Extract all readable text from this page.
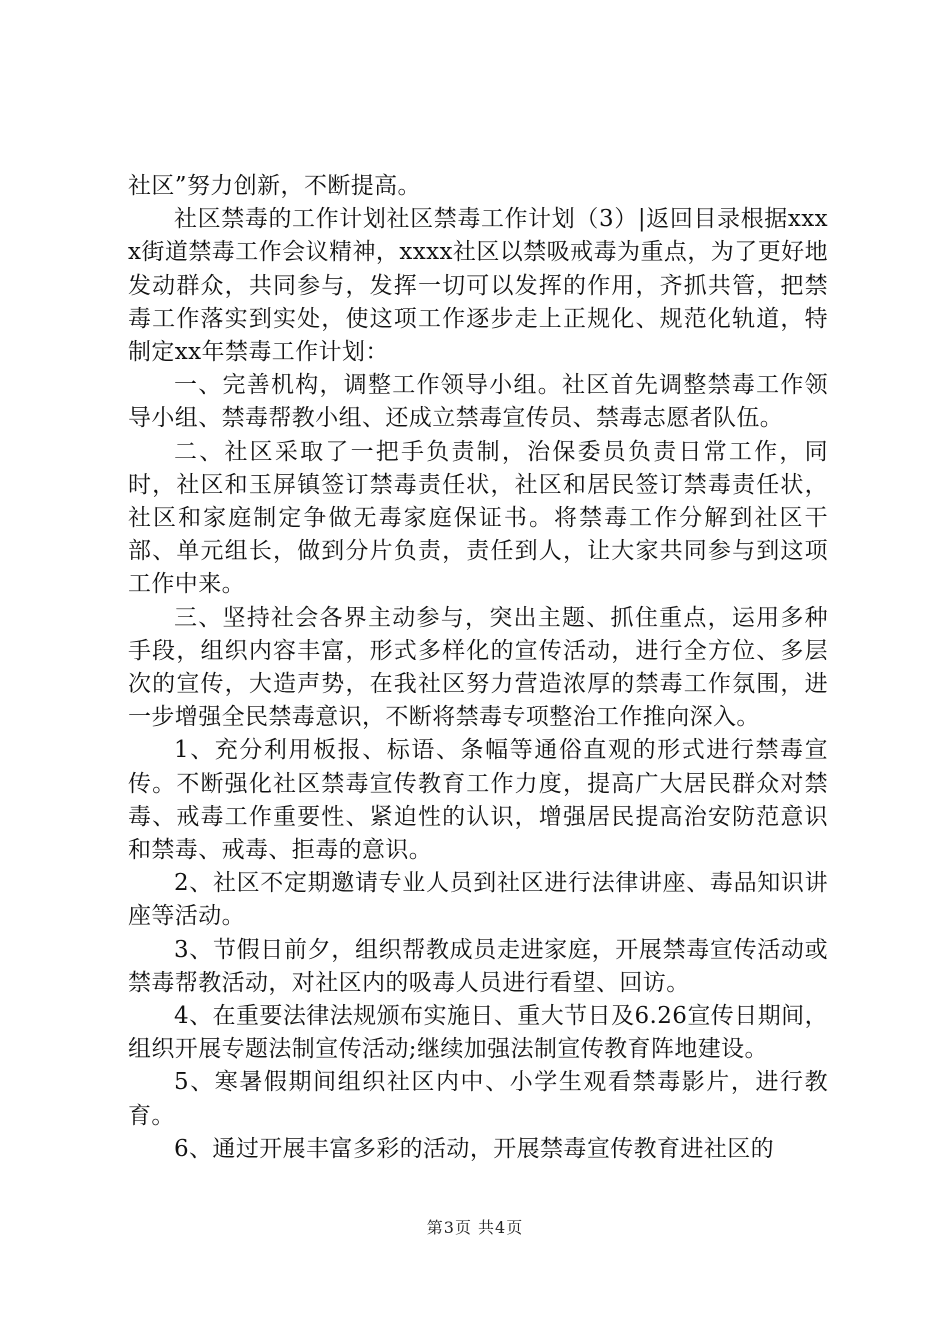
社区”努力创新，不断提高。

社区禁毒的工作计划社区禁毒工作计划（3）|返回目录根据xxxx街道禁毒工作会议精神，xxxx社区以禁吸戒毒为重点，为了更好地发动群众，共同参与，发挥一切可以发挥的作用，齐抓共管，把禁毒工作落实到实处，使这项工作逐步走上正规化、规范化轨道，特制定xx年禁毒工作计划：

一、完善机构，调整工作领导小组。社区首先调整禁毒工作领导小组、禁毒帮教小组、还成立禁毒宣传员、禁毒志愿者队伍。

二、社区采取了一把手负责制，治保委员负责日常工作，同时，社区和玉屏镇签订禁毒责任状，社区和居民签订禁毒责任状，社区和家庭制定争做无毒家庭保证书。将禁毒工作分解到社区干部、单元组长，做到分片负责，责任到人，让大家共同参与到这项工作中来。

三、坚持社会各界主动参与，突出主题、抓住重点，运用多种手段，组织内容丰富，形式多样化的宣传活动，进行全方位、多层次的宣传，大造声势，在我社区努力营造浓厚的禁毒工作氛围，进一步增强全民禁毒意识，不断将禁毒专项整治工作推向深入。

1、充分利用板报、标语、条幅等通俗直观的形式进行禁毒宣传。不断强化社区禁毒宣传教育工作力度，提高广大居民群众对禁毒、戒毒工作重要性、紧迫性的认识，增强居民提高治安防范意识和禁毒、戒毒、拒毒的意识。

2、社区不定期邀请专业人员到社区进行法律讲座、毒品知识讲座等活动。

3、节假日前夕，组织帮教成员走进家庭，开展禁毒宣传活动或禁毒帮教活动，对社区内的吸毒人员进行看望、回访。

4、在重要法律法规颁布实施日、重大节日及6.26宣传日期间，组织开展专题法制宣传活动;继续加强法制宣传教育阵地建设。

5、寒暑假期间组织社区内中、小学生观看禁毒影片，进行教育。

6、通过开展丰富多彩的活动，开展禁毒宣传教育进社区的

第3页 共4页
